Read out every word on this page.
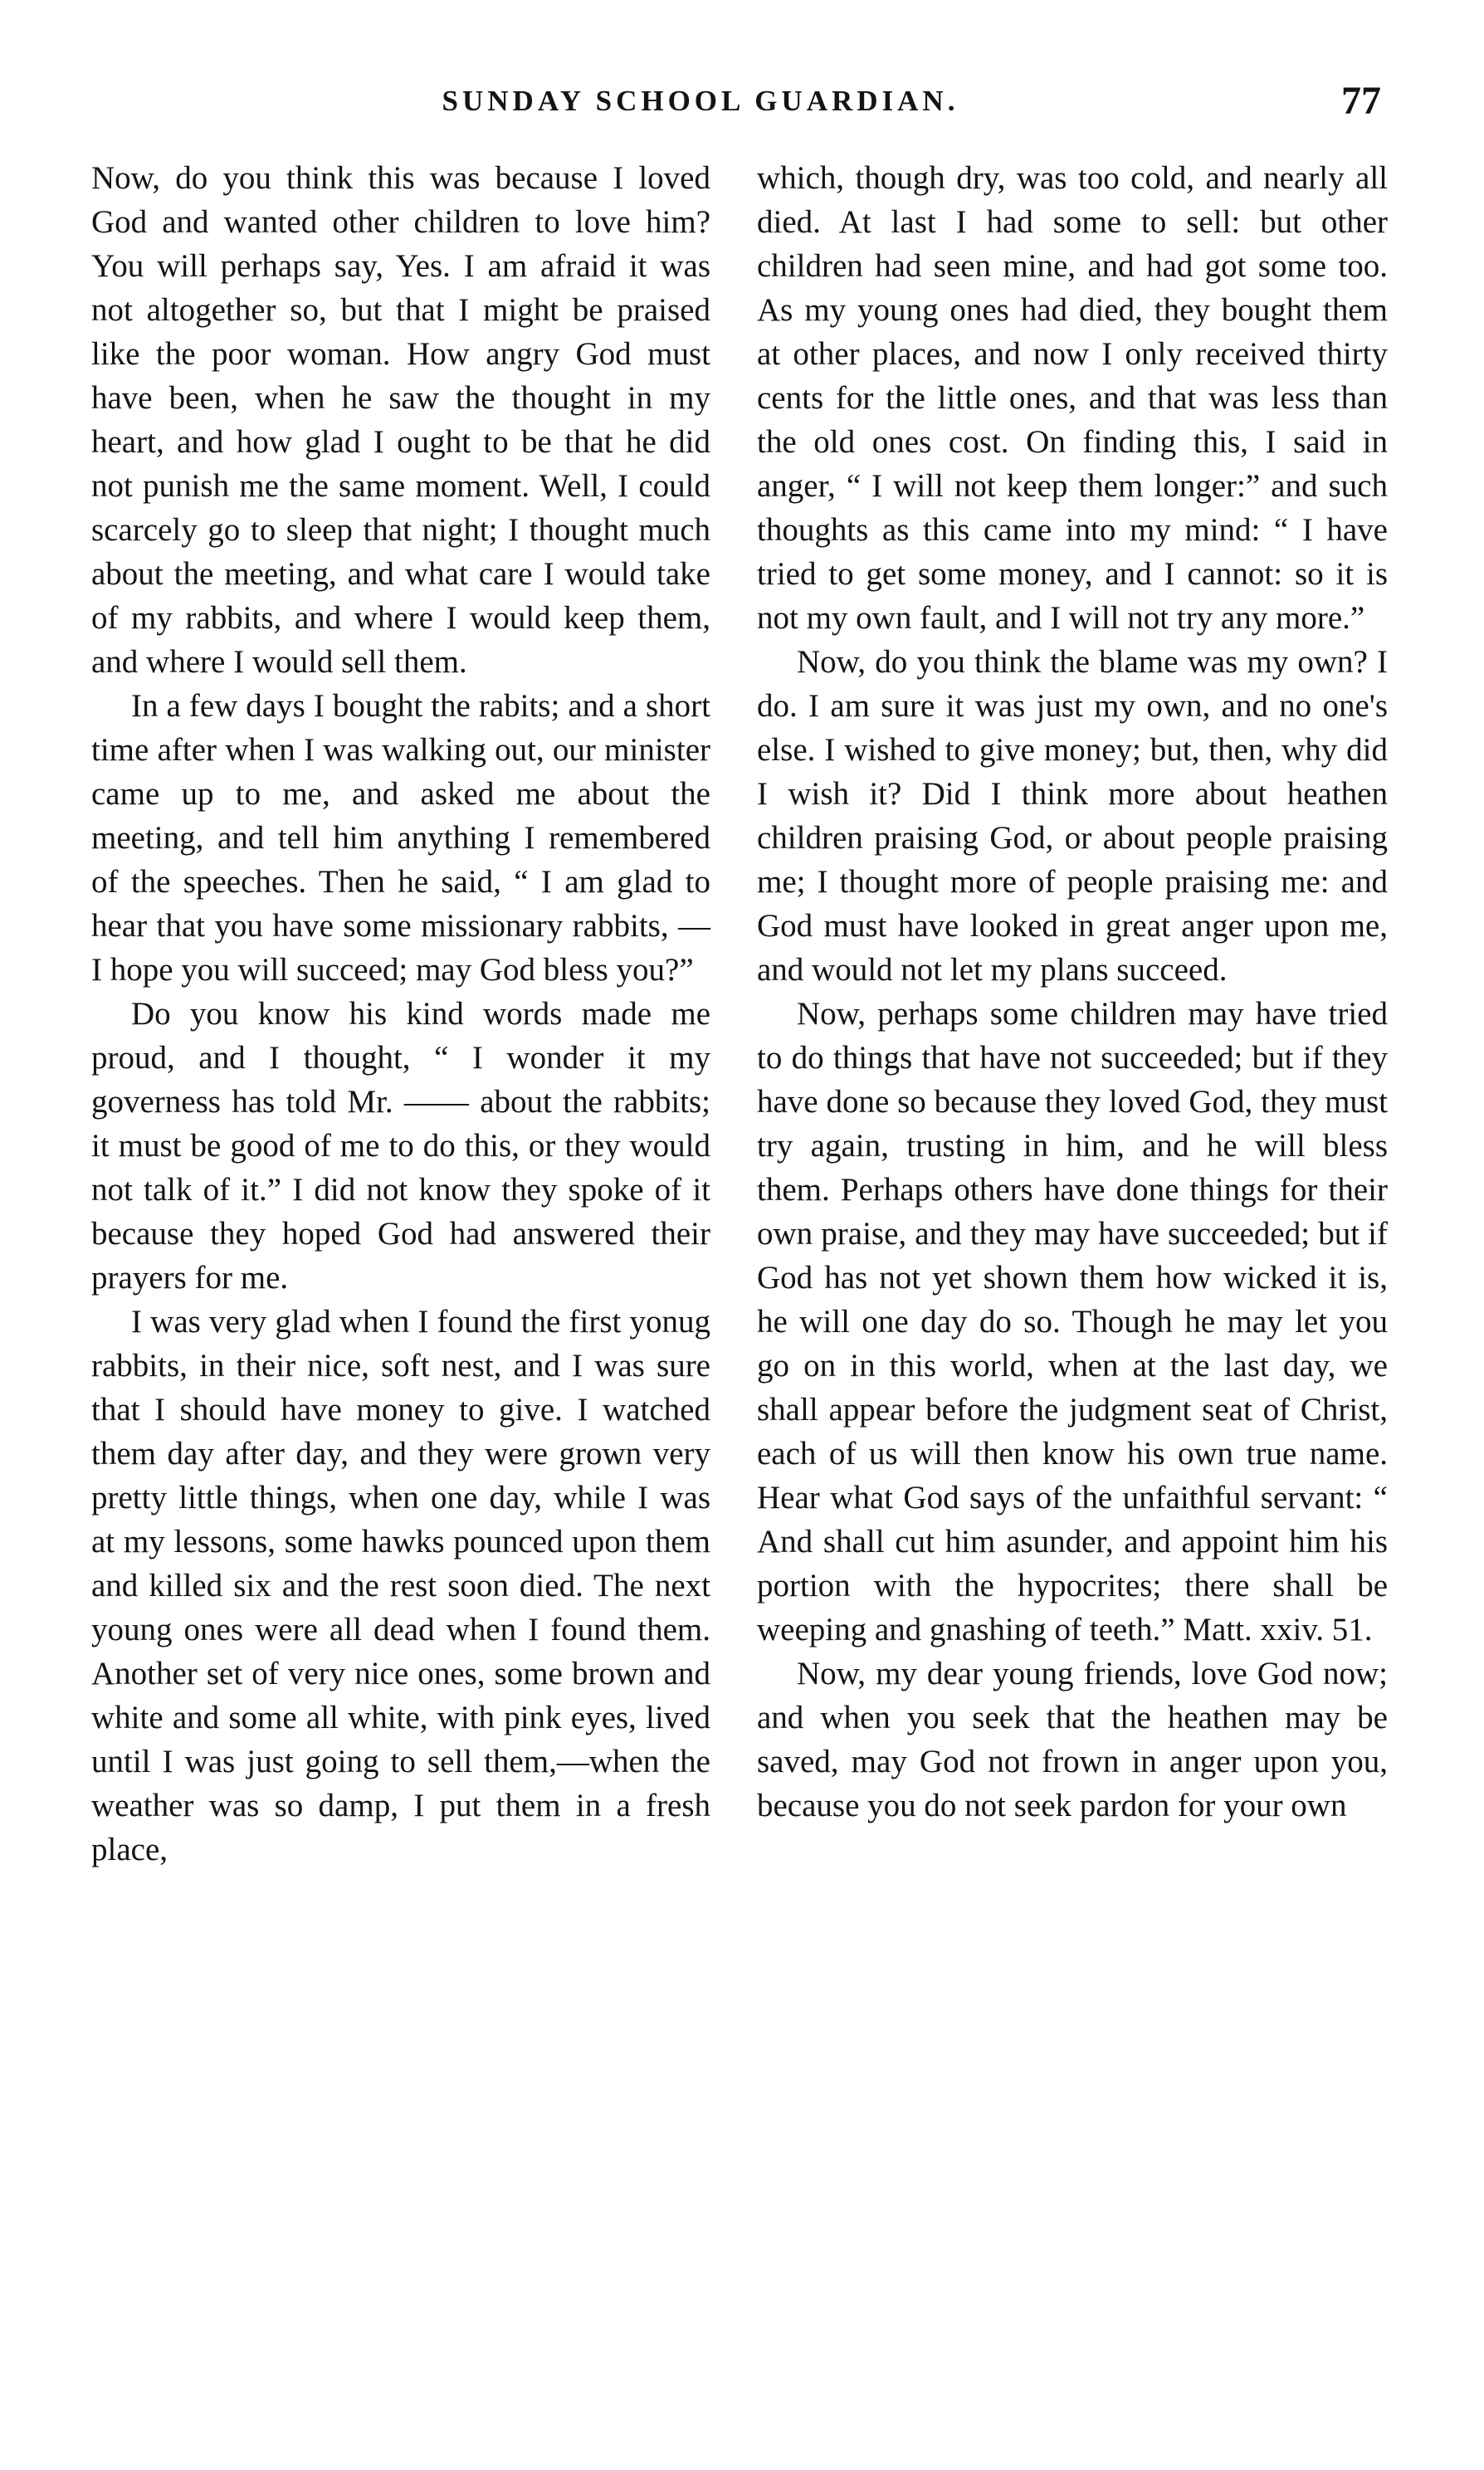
SUNDAY SCHOOL GUARDIAN.	77

Now, do you think this was because I loved God and wanted other children to love him? You will perhaps say, Yes. I am afraid it was not altogether so, but that I might be praised like the poor woman. How angry God must have been, when he saw the thought in my heart, and how glad I ought to be that he did not punish me the same moment. Well, I could scarcely go to sleep that night; I thought much about the meeting, and what care I would take of my rabbits, and where I would keep them, and where I would sell them.

In a few days I bought the rabits; and a short time after when I was walking out, our minister came up to me, and asked me about the meeting, and tell him anything I remembered of the speeches. Then he said, “ I am glad to hear that you have some missionary rabbits, —I hope you will succeed; may God bless you?”

Do you know his kind words made me proud, and I thought, “ I wonder it my governess has told Mr. —— about the rabbits; it must be good of me to do this, or they would not talk of it.” I did not know they spoke of it because they hoped God had answered their prayers for me.

I was very glad when I found the first yonug rabbits, in their nice, soft nest, and I was sure that I should have money to give. I watched them day after day, and they were grown very pretty little things, when one day, while I was at my lessons, some hawks pounced upon them and killed six and the rest soon died. The next young ones were all dead when I found them. Another set of very nice ones, some brown and white and some all white, with pink eyes, lived until I was just going to sell them,—when the weather was so damp, I put them in a fresh place,

which, though dry, was too cold, and nearly all died. At last I had some to sell: but other children had seen mine, and had got some too. As my young ones had died, they bought them at other places, and now I only received thirty cents for the little ones, and that was less than the old ones cost. On finding this, I said in anger, “ I will not keep them longer:” and such thoughts as this came into my mind: “ I have tried to get some money, and I cannot: so it is not my own fault, and I will not try any more.”

Now, do you think the blame was my own? I do. I am sure it was just my own, and no one's else. I wished to give money; but, then, why did I wish it? Did I think more about heathen children praising God, or about people praising me; I thought more of people praising me: and God must have looked in great anger upon me, and would not let my plans succeed.

Now, perhaps some children may have tried to do things that have not succeeded; but if they have done so because they loved God, they must try again, trusting in him, and he will bless them. Perhaps others have done things for their own praise, and they may have succeeded; but if God has not yet shown them how wicked it is, he will one day do so. Though he may let you go on in this world, when at the last day, we shall appear before the judgment seat of Christ, each of us will then know his own true name. Hear what God says of the unfaithful servant: “ And shall cut him asunder, and appoint him his portion with the hypocrites; there shall be weeping and gnashing of teeth.” Matt. xxiv. 51.

Now, my dear young friends, love God now; and when you seek that the heathen may be saved, may God not frown in anger upon you, because you do not seek pardon for your own
